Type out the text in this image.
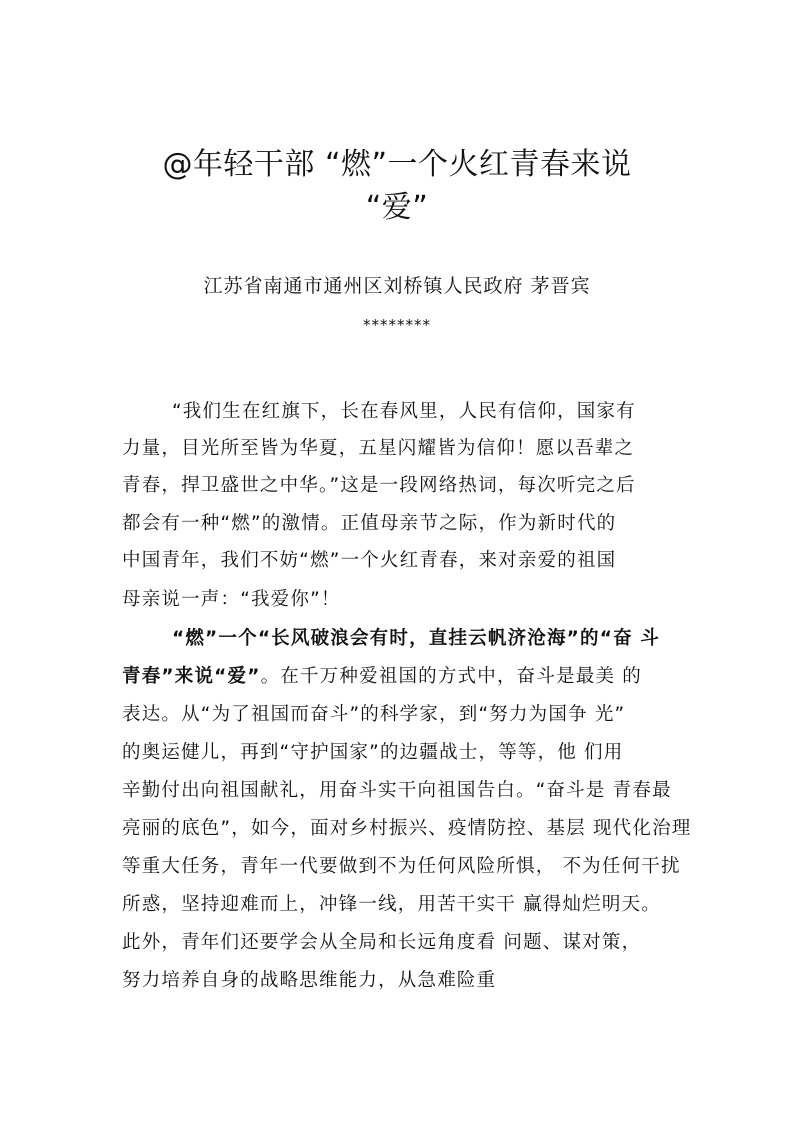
@年轻干部 “燃”一个火红青春来说
“爱”
江苏省南通市通州区刘桥镇人民政府 茅晋宾
********
“我们生在红旗下，长在春风里，人民有信仰，国家有
力量，目光所至皆为华夏，五星闪耀皆为信仰！愿以吾辈之
青春，捍卫盛世之中华。”这是一段网络热词，每次听完之后
都会有一种“燃”的激情。正值母亲节之际，作为新时代的
中国青年，我们不妨“燃”一个火红青春，来对亲爱的祖国
母亲说一声：“我爱你”！
“燃”一个“长风破浪会有时，直挂云帆济沧海”的“奋 斗
青春”来说“爱”。在千万种爱祖国的方式中，奋斗是最美 的
表达。从“为了祖国而奋斗”的科学家，到“努力为国争 光”
的奥运健儿，再到“守护国家”的边疆战士，等等，他 们用
辛勤付出向祖国献礼，用奋斗实干向祖国告白。“奋斗是 青春最
亮丽的底色”，如今，面对乡村振兴、疫情防控、基层 现代化治理
等重大任务，青年一代要做到不为任何风险所惧， 不为任何干扰
所惑，坚持迎难而上，冲锋一线，用苦干实干 赢得灿烂明天。
此外，青年们还要学会从全局和长远角度看 问题、谋对策，
努力培养自身的战略思维能力，从急难险重
